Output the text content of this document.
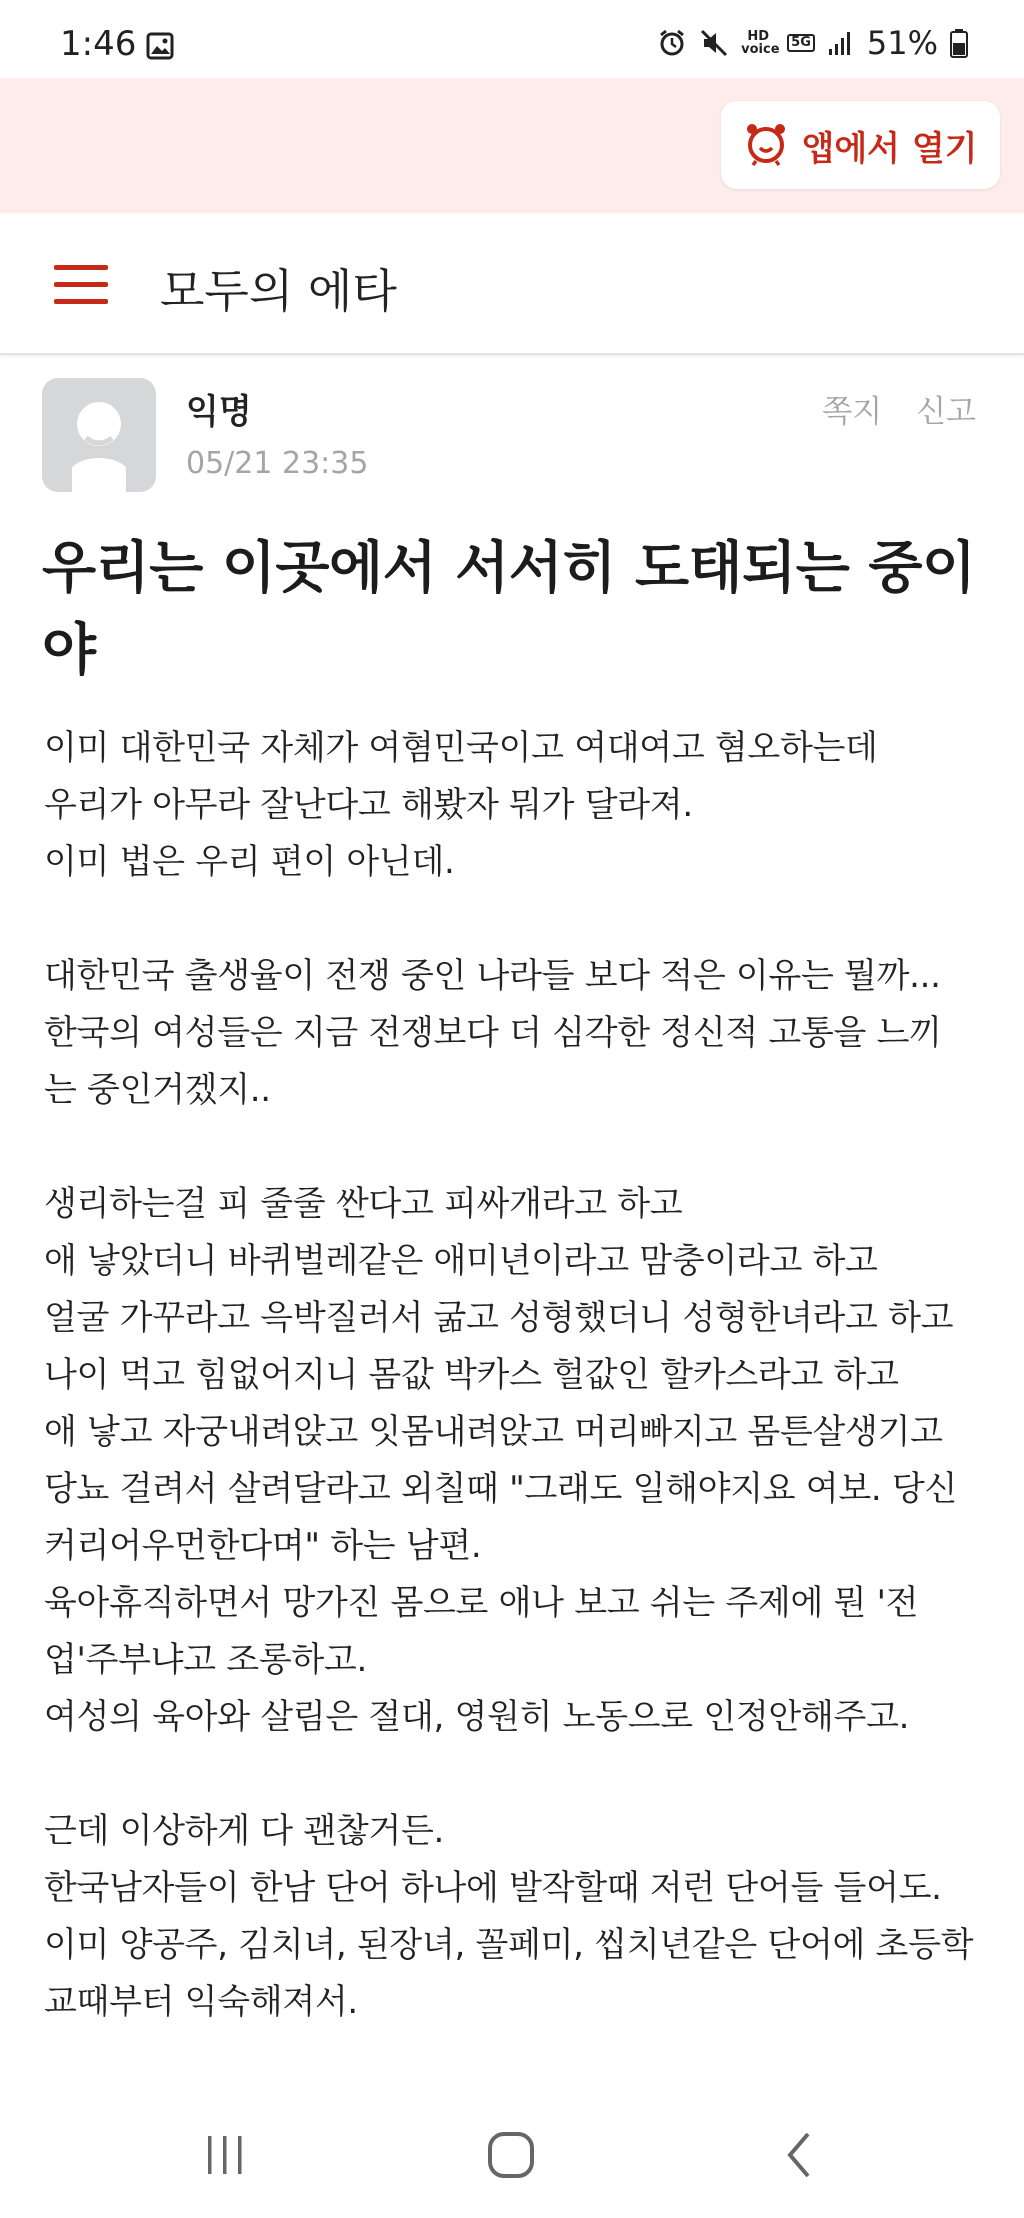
1:46	HD voice 5G 51%
앱에서 열기
모두의 에타
익명
05/21 23:35
쪽지 신고
우리는 이곳에서 서서히 도태되는 중이
야

이미 대한민국 자체가 여혐민국이고 여대여고 혐오하는데

우리가 아무라 잘난다고 해봤자 뭐가 달라져.

이미 법은 우리 편이 아닌데.

대한민국 출생율이 전쟁 중인 나라들 보다 적은 이유는 뭘까...

한국의 여성들은 지금 전쟁보다 더 심각한 정신적 고통을 느끼

는 중인거겠지..

생리하는걸 피 줄줄 싼다고 피싸개라고 하고

애 낳았더니 바퀴벌레같은 애미년이라고 맘충이라고 하고

얼굴 가꾸라고 윽박질러서 굶고 성형했더니 성형한녀라고 하고

나이 먹고 힘없어지니 몸값 박카스 헐값인 할카스라고 하고

애 낳고 자궁내려앉고 잇몸내려앉고 머리빠지고 몸튼살생기고

당뇨 걸려서 살려달라고 외칠때 "그래도 일해야지요 여보. 당신

커리어우먼한다며" 하는 남편.

육아휴직하면서 망가진 몸으로 애나 보고 쉬는 주제에 뭔 '전

업'주부냐고 조롱하고.

여성의 육아와 살림은 절대, 영원히 노동으로 인정안해주고.

근데 이상하게 다 괜찮거든.

한국남자들이 한남 단어 하나에 발작할때 저런 단어들 들어도.

이미 양공주, 김치녀, 된장녀, 꼴페미, 씹치년같은 단어에 초등학

교때부터 익숙해져서.
